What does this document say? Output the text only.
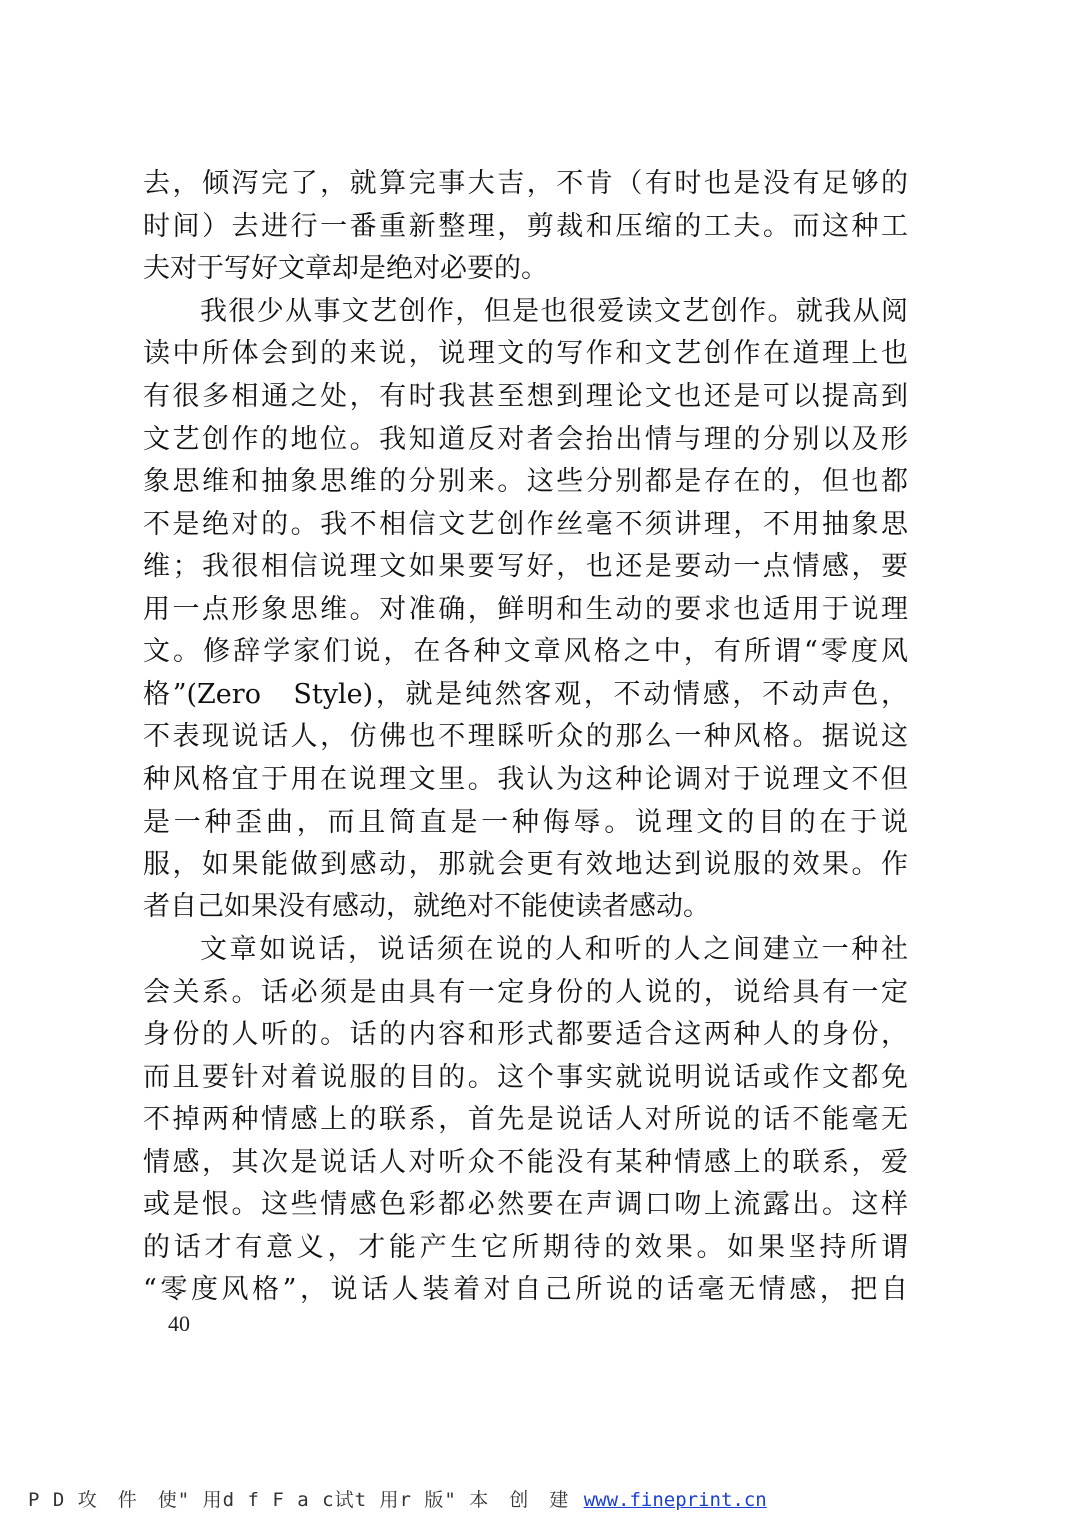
去，倾泻完了，就算完事大吉，不肯（有时也是没有足够的
时间）去进行一番重新整理，剪裁和压缩的工夫。而这种工
夫对于写好文章却是绝对必要的。
我很少从事文艺创作，但是也很爱读文艺创作。就我从阅
读中所体会到的来说，说理文的写作和文艺创作在道理上也
有很多相通之处，有时我甚至想到理论文也还是可以提高到
文艺创作的地位。我知道反对者会抬出情与理的分别以及形
象思维和抽象思维的分别来。这些分别都是存在的，但也都
不是绝对的。我不相信文艺创作丝毫不须讲理，不用抽象思
维；我很相信说理文如果要写好，也还是要动一点情感，要
用一点形象思维。对准确，鲜明和生动的要求也适用于说理
文。修辞学家们说，在各种文章风格之中，有所谓“零度风
格”(Zero　Style)，就是纯然客观，不动情感，不动声色，
不表现说话人，仿佛也不理睬听众的那么一种风格。据说这
种风格宜于用在说理文里。我认为这种论调对于说理文不但
是一种歪曲，而且简直是一种侮辱。说理文的目的在于说
服，如果能做到感动，那就会更有效地达到说服的效果。作
者自己如果没有感动，就绝对不能使读者感动。
文章如说话，说话须在说的人和听的人之间建立一种社
会关系。话必须是由具有一定身份的人说的，说给具有一定
身份的人听的。话的内容和形式都要适合这两种人的身份，
而且要针对着说服的目的。这个事实就说明说话或作文都免
不掉两种情感上的联系，首先是说话人对所说的话不能毫无
情感，其次是说话人对听众不能没有某种情感上的联系，爱
或是恨。这些情感色彩都必然要在声调口吻上流露出。这样
的话才有意义，才能产生它所期待的效果。如果坚持所谓
“零度风格”，说话人装着对自己所说的话毫无情感，把自
40
P D 攻　件　使" 用d f F a c试t 用r 版" 本　创　建 www.fineprint.cn
